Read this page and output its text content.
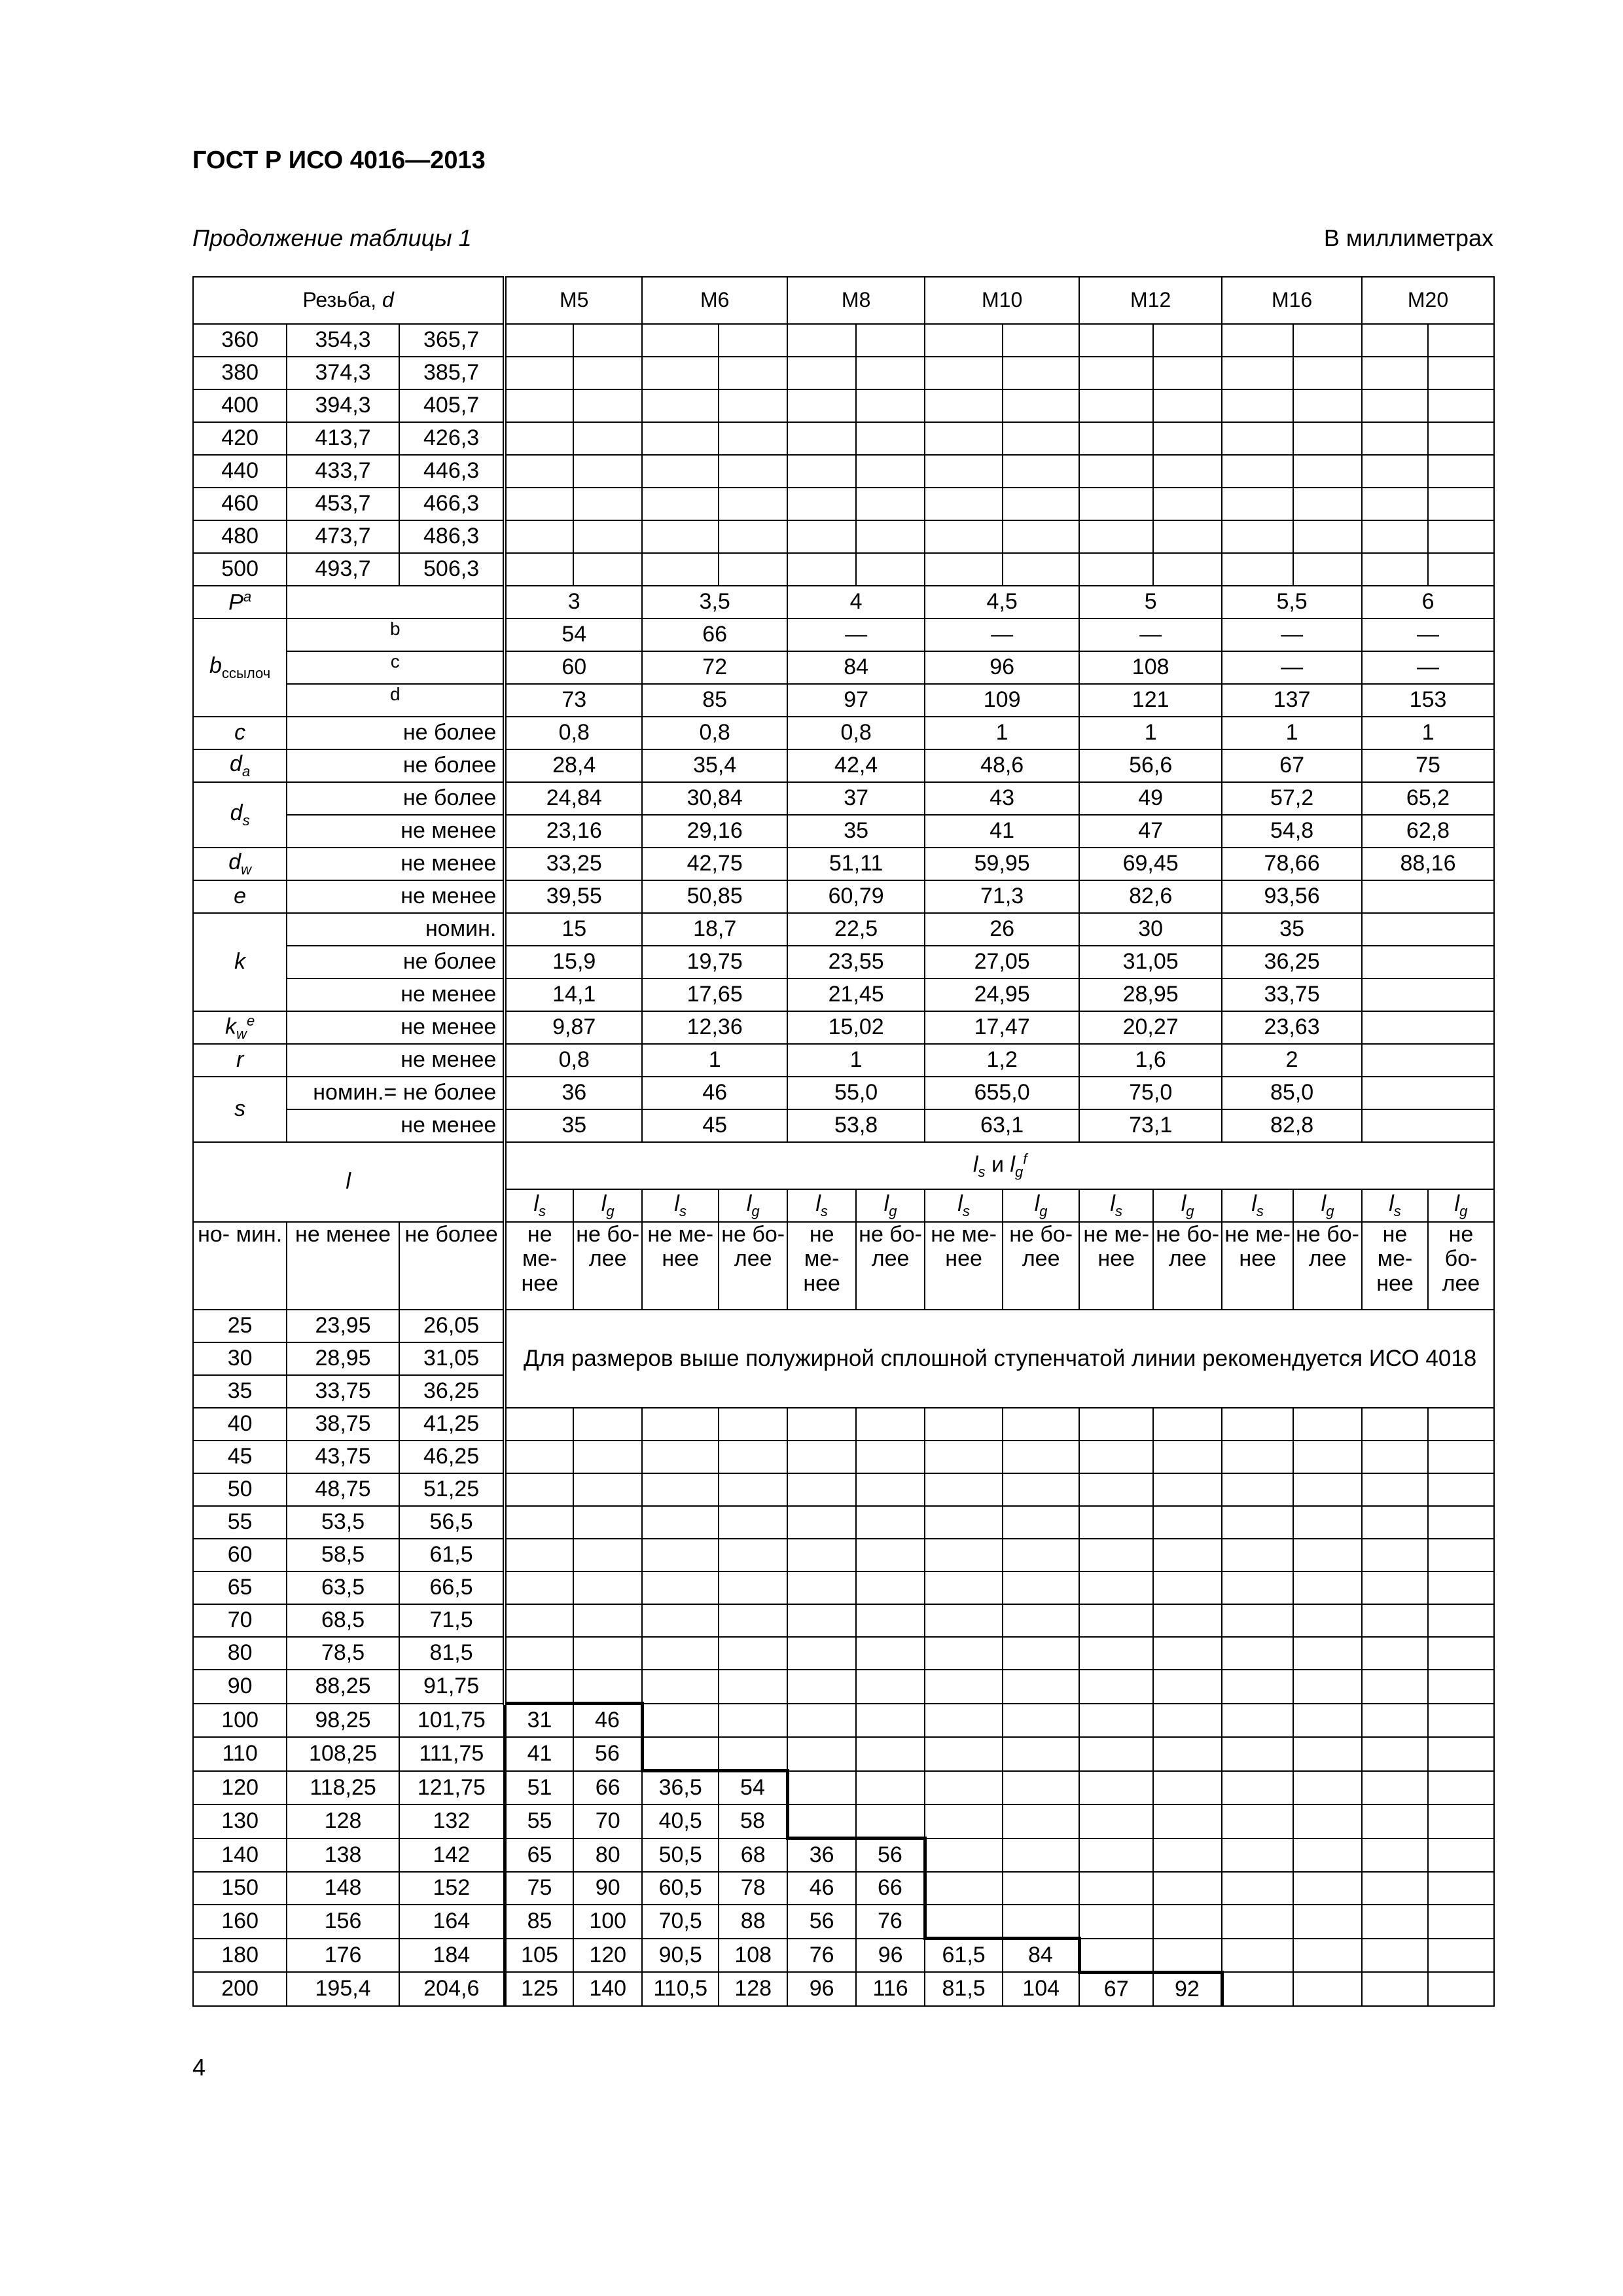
ГОСТ Р ИСО 4016—2013
Продолжение таблицы 1	В миллиметрах
Резьба, d			M5		M6		M8		M10		M12		M16		M20	
360	354,3	365,7														
380	374,3	385,7														
400	394,3	405,7														
420	413,7	426,3														
440	433,7	446,3														
460	453,7	466,3														
480	473,7	486,3														
500	493,7	506,3														
$P^a$			3		3,5		4		4,5		5		5,5		6	
$b_{ссылоч}$	b		54		66		—		—		—		—		—	
	c		60		72		84		96		108		—		—	
	d		73		85		97		109		121		137		153	
c	не более		0,8		0,8		0,8		1		1		1		1	
$d_a$	не более		28,4		35,4		42,4		48,6		56,6		67		75	
$d_s$	не более		24,84		30,84		37		43		49		57,2		65,2	
	не менее		23,16		29,16		35		41		47		54,8		62,8	
$d_w$	не менее		33,25		42,75		51,11		59,95		69,45		78,66		88,16	
e	не менее		39,55		50,85		60,79		71,3		82,6		93,56			
k	номин.		15		18,7		22,5		26		30		35			
	не более		15,9		19,75		23,55		27,05		31,05		36,25			
	не менее		14,1		17,65		21,45		24,95		28,95		33,75			
$k_w^e$	не менее		9,87		12,36		15,02		17,47		20,27		23,63			
r	не менее		0,8		1		1		1,2		1,6		2			
s	номин.= не более		36		46		55,0		655,0		75,0		85,0			
	не менее		35		45		53,8		63,1		73,1		82,8			
l			$l_s$ и $l_g^f$
			$l_s$	$l_g$	$l_s$	$l_g$	$l_s$	$l_g$	$l_s$	$l_g$	$l_s$	$l_g$	$l_s$	$l_g$	$l_s$	$l_g$
но- мин.	не менее	не более	не ме- нее	не бо- лее	не ме- нее	не бо- лее	не ме- нее	не бо- лее	не ме- нее	не бо- лее	не ме- нее	не бо- лее	не ме- нее	не бо- лее	не ме- нее	не бо- лее
25	23,95	26,05	Для размеров выше полужирной сплошной ступенчатой линии рекомендуется ИСО 4018													
30	28,95	31,05														
35	33,75	36,25														
40	38,75	41,25														
45	43,75	46,25														
50	48,75	51,25														
55	53,5	56,5														
60	58,5	61,5														
65	63,5	66,5														
70	68,5	71,5														
80	78,5	81,5														
90	88,25	91,75														
100	98,25	101,75	31	46												
110	108,25	111,75	41	56												
120	118,25	121,75	51	66	36,5	54										
130	128	132	55	70	40,5	58										
140	138	142	65	80	50,5	68	36	56								
150	148	152	75	90	60,5	78	46	66								
160	156	164	85	100	70,5	88	56	76								
180	176	184	105	120	90,5	108	76	96	61,5	84						
200	195,4	204,6	125	140	110,5	128	96	116	81,5	104	67	92				
4
